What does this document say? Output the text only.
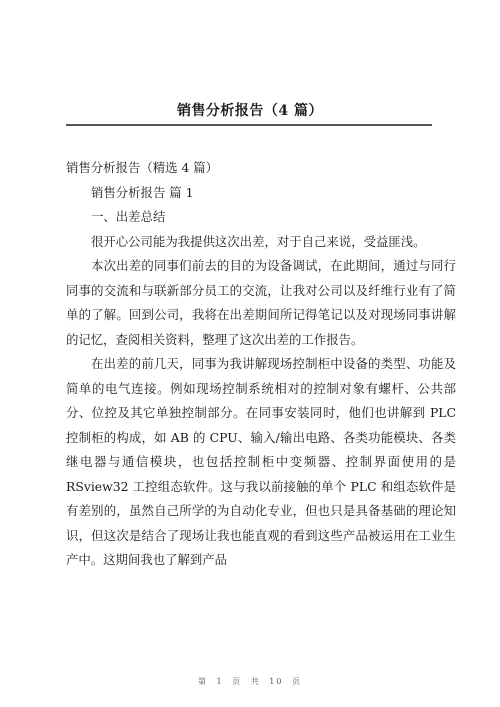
销售分析报告（4 篇）

销售分析报告（精选 4 篇）

销售分析报告 篇 1

一、出差总结

很开心公司能为我提供这次出差，对于自己来说，受益匪浅。

本次出差的同事们前去的目的为设备调试，在此期间，通过与同行同事的交流和与联新部分员工的交流，让我对公司以及纤维行业有了简单的了解。回到公司，我将在出差期间所记得笔记以及对现场同事讲解的记忆，查阅相关资料，整理了这次出差的工作报告。

在出差的前几天，同事为我讲解现场控制柜中设备的类型、功能及简单的电气连接。例如现场控制系统相对的控制对象有螺杆、公共部分、位控及其它单独控制部分。在同事安装同时，他们也讲解到 PLC 控制柜的构成，如 AB 的 CPU、输入/输出电路、各类功能模块、各类继电器与通信模块，也包括控制柜中变频器、控制界面使用的是 RSview32 工控组态软件。这与我以前接触的单个 PLC 和组态软件是有差别的，虽然自己所学的为自动化专业，但也只是具备基础的理论知识，但这次是结合了现场让我也能直观的看到这些产品被运用在工业生产中。这期间我也了解到产品

第 1 页 共 10 页
